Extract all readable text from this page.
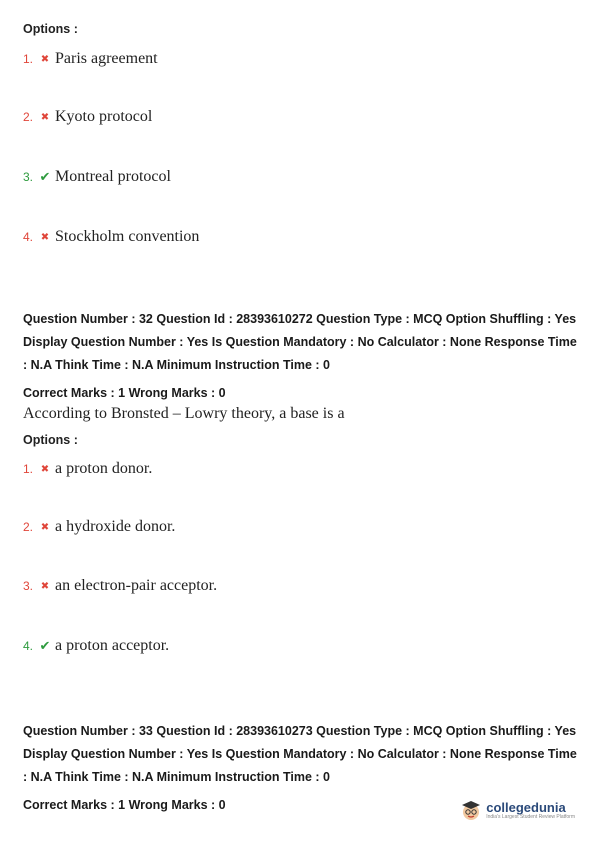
Options :
1. ✖ Paris agreement
2. ✖ Kyoto protocol
3. ✔ Montreal protocol
4. ✖ Stockholm convention
Question Number : 32 Question Id : 28393610272 Question Type : MCQ Option Shuffling : Yes
Display Question Number : Yes Is Question Mandatory : No Calculator : None Response Time
: N.A Think Time : N.A Minimum Instruction Time : 0
Correct Marks : 1 Wrong Marks : 0
According to Bronsted – Lowry theory, a base is a
Options :
1. ✖ a proton donor.
2. ✖ a hydroxide donor.
3. ✖ an electron-pair acceptor.
4. ✔ a proton acceptor.
Question Number : 33 Question Id : 28393610273 Question Type : MCQ Option Shuffling : Yes
Display Question Number : Yes Is Question Mandatory : No Calculator : None Response Time
: N.A Think Time : N.A Minimum Instruction Time : 0
Correct Marks : 1 Wrong Marks : 0	collegedunia
India's Largest Student Review Platform
